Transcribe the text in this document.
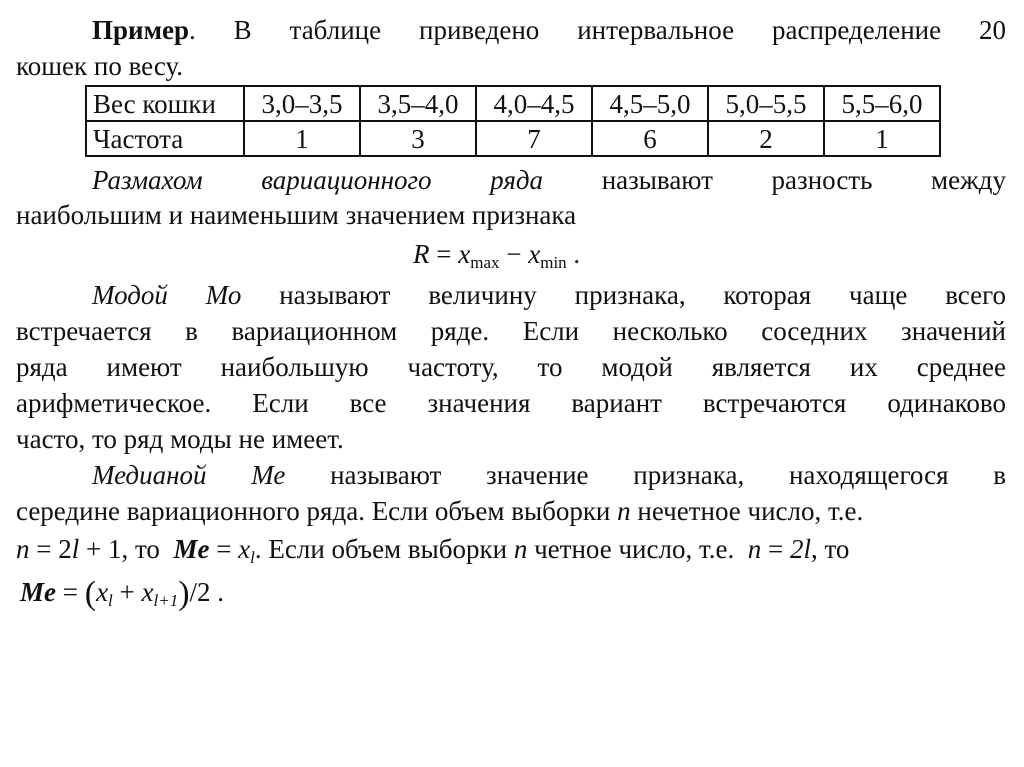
Пример. В таблице приведено интервальное распределение 20
кошек по весу.
Вес кошки	3,0–3,5	3,5–4,0	4,0–4,5	4,5–5,0	5,0–5,5	5,5–6,0
Частота	1	3	7	6	2	1
Размахом вариационного ряда называют разность между
наибольшим и наименьшим значением признака
$R = x_{max} - x_{min}$ .
Модой Мо называют величину признака, которая чаще всего
встречается в вариационном ряде. Если несколько соседних значений
ряда имеют наибольшую частоту, то модой является их среднее
арифметическое. Если все значения вариант встречаются одинаково
часто, то ряд моды не имеет.
Медианой Ме называют значение признака, находящегося в
середине вариационного ряда. Если объем выборки n нечетное число, т.е.
n = 2l + 1, то $Me = x_l$. Если объем выборки n четное число, т.е. n = 2l, то
$Me = (x_l + x_{l+1})/2$ .
